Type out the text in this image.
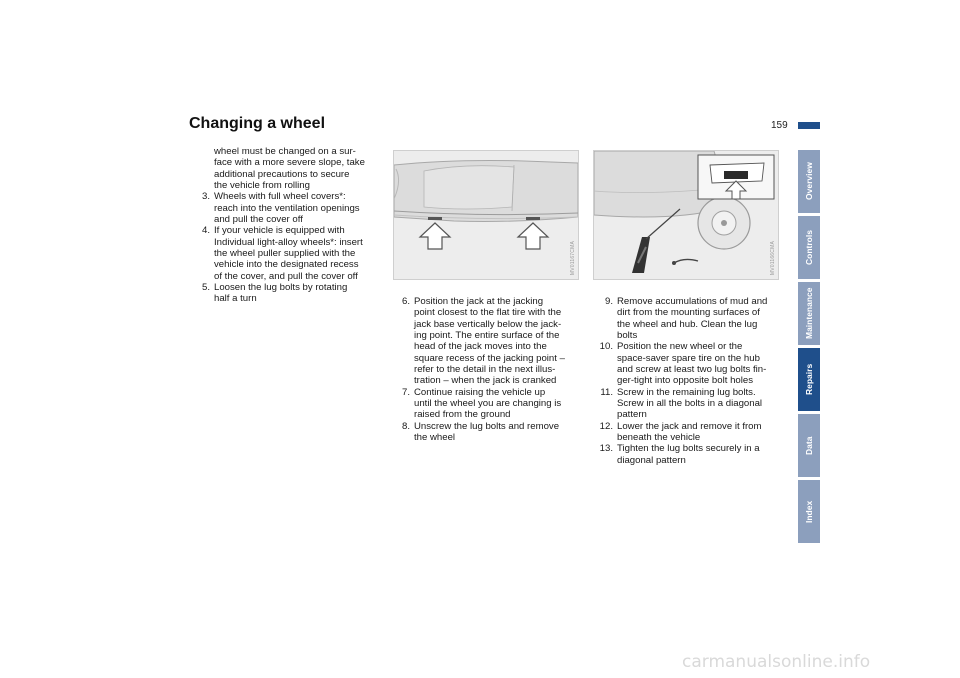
Changing a wheel	159
wheel must be changed on a sur-
face with a more severe slope, take
additional precautions to secure
the vehicle from rolling
3. Wheels with full wheel covers*:
reach into the ventilation openings
and pull the cover off
4. If your vehicle is equipped with
Individual light-alloy wheels*: insert
the wheel puller supplied with the
vehicle into the designated recess
of the cover, and pull the cover off
5. Loosen the lug bolts by rotating
half a turn
MV01167CMA	MV01166CMA
6. Position the jack at the jacking
point closest to the flat tire with the
jack base vertically below the jack-
ing point. The entire surface of the
head of the jack moves into the
square recess of the jacking point –
refer to the detail in the next illus-
tration – when the jack is cranked
7. Continue raising the vehicle up
until the wheel you are changing is
raised from the ground
8. Unscrew the lug bolts and remove
the wheel
9. Remove accumulations of mud and
dirt from the mounting surfaces of
the wheel and hub. Clean the lug
bolts
10. Position the new wheel or the
space-saver spare tire on the hub
and screw at least two lug bolts fin-
ger-tight into opposite bolt holes
11. Screw in the remaining lug bolts.
Screw in all the bolts in a diagonal
pattern
12. Lower the jack and remove it from
beneath the vehicle
13. Tighten the lug bolts securely in a
diagonal pattern
Overview
Controls
Maintenance
Repairs
Data
Index
carmanualsonline.info
